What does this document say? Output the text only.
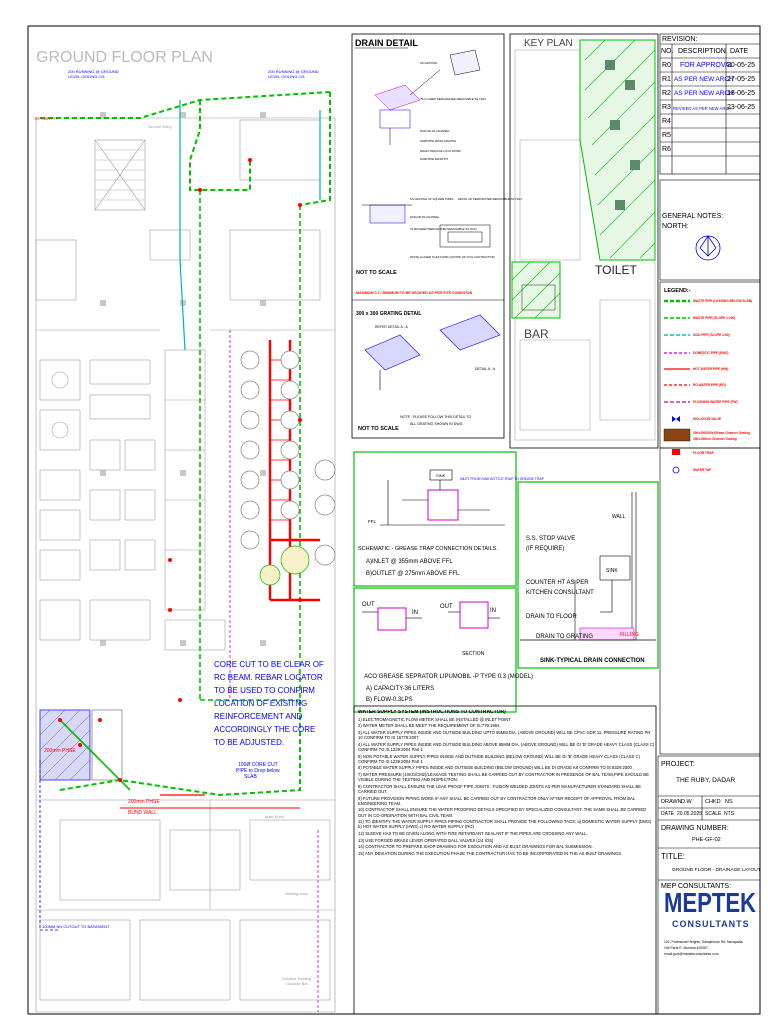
GROUND FLOOR PLAN
TO RWH PIT
200 RUNNING @ GROUND
LEVEL CEILING LVL
200 RUNNING @ GROUND
LEVEL CEILING LVL
Service Entry
Main Entry
Waiting area
Outdoor Seating
Outdoor Bar
100MM NH CUTOUT TO BASEMENT
200mm PHSE
200mm PHSE
BUND WALL
100Ø CORE CUT
PIPE to Drop below
SLAB
CORE CUT TO BE CLEAR OF
RC BEAM. REBAR LOCATOR
TO BE USED TO CONFIRM
LOCATION OF EXISITNG
REINFORCEMENT AND
ACCORDINGLY THE CORE
TO BE ADJUSTED.
DRAIN DETAIL
SS GRATING
75mm DEEP PERFORATED REMOVABLE SS TRAY
DAIGUR SS CHANNEL
100Ø PIPE FROM GRATING
DRAIN THROUGH CIVIL WORK
100Ø PIPE FROM PIT
SS GRATING OF SQUARE PIPES
DAIGUR SS CHANNEL
75 MM DEEP PERFORATED REMOVABLE SS TRAY
WHITE GLAZED TILES FINISH (SCOPE OF CIVIL CONTRACTOR)
DETAIL OF PERFORATED REMOVABLE SS TRAY
NOT TO SCALE
MAXIMUM 0.7 / MINIMUM TO BE DECIDED AS PER SITE CONDITION
300 x 300 GRATING DETAIL
REFER DETAIL A - A
DETAIL A - A
NOT TO SCALE
NOTE : PLEASE FOLLOW THIS DETAIL TO
ALL GRATING SHOWN IN DWG
KEY PLAN
TOILET
BAR
LEGEND:-
WASTE PIPE (LEADING BELOW SLAB)
WASTE PIPE (SLOPE 1:100)
SOIL PIPE (SLOPE 1:60)
DOMESTIC PIPE (DWS)
HOT WATER PIPE (HW)
RO WATER PIPE (RO)
FLUSHING WATER PIPE (FW)
ISOLATION VALVE
300x300/300x150mm Channel Grating
150x150mm Channel Grating
FLOOR TRAP
WATER TAP
SINK
INLET FROM SINK BOTTLE TRAP TO GREASE TRAP
FFL
SCHEMATIC - GREASE TRAP CONNECTION DETAILS.
A)INLET @ 355mm ABOVE FFL
B)OUTLET @ 275mm ABOVE FFL
OUT
IN
OUT
IN
SECTION
ACO GREASE SEPRATOR LIPUMOBIL -P TYPE 0.3 (MODEL)
A) CAPACITY-36 LITERS
B) FLOW-0.3LPS
WALL
S.S. STOP VALVE
(IF REQUIRE)
SINK
COUNTER HT AS PER
KITCHEN CONSULTANT
DRAIN TO FLOOR
DRAIN TO GRATING	FILLING
SINK-TYPICAL DRAIN CONNECTION
MEPTEK
CONSULTANTS
REVISION:
NO. DESCRIPTION DATE
R0 FOR APPROVAL
20-05-25
R1 AS PER NEW ARCH
27-05-25
R2 AS PER NEW ARCH
18-06-25
R3 REVISED AS PER NEW ARCH
23-06-25
R4
R5
R6
GENERAL NOTES:
NORTH:

WATER SUPPLY SYSTEM (INSTRUCTIONS TO CONTRACTOR)

1) ELECTROMAGNETIC FLOW METER SHALL BE INSTALLED @ INLET POINT.

2) WATER METER SHALL BE MEET THE REQUIREMENT OF IS:779:1994.

3) ALL WATER SUPPLY PIPES INSIDE AND OUTSIDE BUILDING UPTO 65MM DIA. (ABOVE GROUND) WILL BE CPVC-SDR 11, PRESSURE RATING PN 10 CONFIRM TO IS 15778:2007

4) ALL WATER SUPPLY PIPES INSIDE AND OUTSIDE BUILDING ABOVE 65MM DIA. (ABOVE GROUND) WILL BE GI 'B' GRADE HEAVY CLASS (CLASS C) CONFIRM TO IS 1239:2004 Part 1

5) NON POTABLE WATER SUPPLY PIPES INSIDE AND OUTSIDE BUILDING (BELOW GROUND) WILL BE GI 'B' GRADE HEAVY CLASS (CLASS C) CONFIRM TO IS 1239:2004 Part 1

6) POTABLE WATER SUPPLY PIPES INSIDE AND OUTSIDE BUILDING (BELOW GROUND) WILL BE DI GRADE K9 CONFIRM TO IS 8329:2000

7) WATER PRESSURE (10KG/CM2)/LEAKAGE TESTING SHALL BE CARRIED OUT BY CONTRACTOR IN PRESENCE OF BAL TEAM,PIPE SHOULD BE VISIBLE DURING THE TESTING AND INSPECTION.

8) CONTRACTOR SHALL ENSURE THE LEAK PROOF PIPE JOINTS . FUSION WELDED JOINTS AS PER MANUFACTURER STANDARD SHALL BE CARRIED OUT.

9) FUTURE PROVISION PIPING WORK IF ANY SHALL BE CARRIED OUT BY CONTRACTOR ONLY AFTER RECEIPT OF APPROVAL FROM BAL ENGINEERING TEAM.

10) CONTRACTOR SHALL ENSURE THE WATER PROOFING DETAILS SPECIFIED BY SPECIALIZED CONSULTANT. THE SAME SHALL BE CARRIED OUT IN CO-ORDINATION WITH BAL CIVIL TEAM.

11) TO IDENTIFY THE WATER SUPPLY PIPES PIPING CONTRACTOR SHALL PROVIDE THE FOLLOWING TAGS: a) DOMESTIC WATER SUPPLY (DWS) b) HOT WATER SUPPLY (HWS) c) RO WATER SUPPLY (RO)

12) SLEEVE HAS TO BE GIVEN ALONG WITH FIRE RETARDANT SEALANT IF THE PIPES ARE CROSSING ANY WALL.

13) USE FORGED BRASS LEVER OPERATED BALL VALVES (1/4 IOS)

14) CONTRACTOR TO PREPARE SHOP DRAWING FOR EXECUTION AND AS BUILT DRAWINGS FOR BAL SUBMISSION.

15) ANY DEVIATION DURING THE EXECUTION PHASE THE CONTRACTOR HAS TO BE INCORPORATED IN THE AS BUILT DRAWINGS.

PROJECT:
THE RUBY, DADAR
DRAWN D.W CHKD NS
DATE 20.05.2025 SCALE NTS
DRAWING NUMBER:
PHE-GF-02
TITLE:
GROUND FLOOR - DRAINAGE LAYOUT
MEP CONSULTANTS:
102, Padmavati Heights, Sahajeevan Rd, Navapada,
Vile Parle E, Mumbai 400057.
email.govt@meptekconsultants.com
